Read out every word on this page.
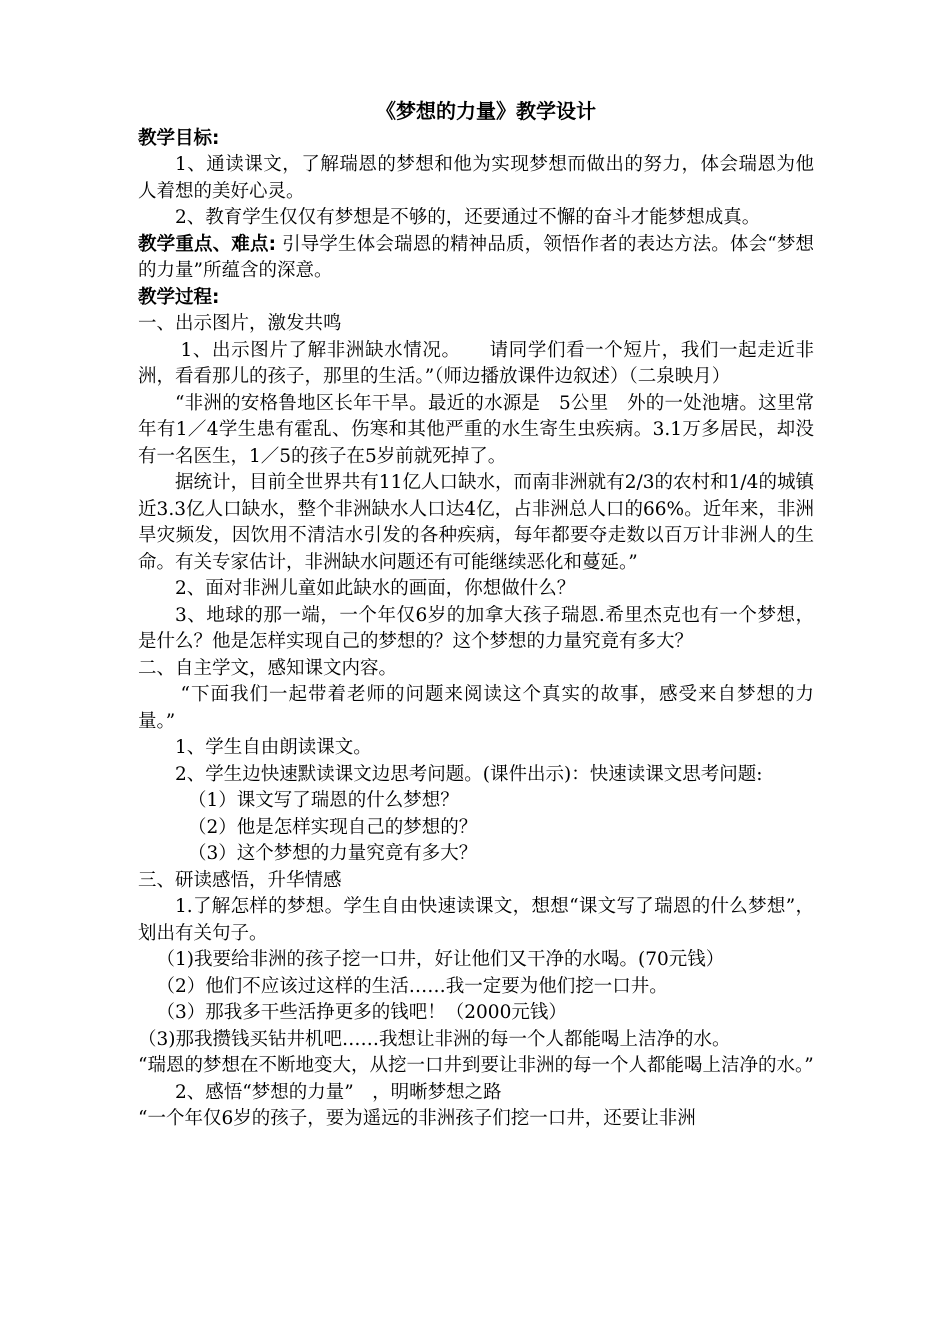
《梦想的力量》教学设计

教学目标:

1、通读课文，了解瑞恩的梦想和他为实现梦想而做出的努力，体会瑞恩为他人着想的美好心灵。

2、教育学生仅仅有梦想是不够的，还要通过不懈的奋斗才能梦想成真。

教学重点、难点: 引导学生体会瑞恩的精神品质，领悟作者的表达方法。体会“梦想的力量”所蕴含的深意。

教学过程:

一、出示图片，激发共鸣

1、出示图片了解非洲缺水情况。　　请同学们看一个短片，我们一起走近非洲，看看那儿的孩子，那里的生活。”（师边播放课件边叙述）（二泉映月）

“非洲的安格鲁地区长年干旱。最近的水源是　5公里　外的一处池塘。这里常年有1／4学生患有霍乱、伤寒和其他严重的水生寄生虫疾病。3.1万多居民，却没有一名医生，1／5的孩子在5岁前就死掉了。

据统计，目前全世界共有11亿人口缺水，而南非洲就有2/3的农村和1/4的城镇近3.3亿人口缺水，整个非洲缺水人口达4亿，占非洲总人口的66%。近年来，非洲旱灾频发，因饮用不清洁水引发的各种疾病，每年都要夺走数以百万计非洲人的生命。有关专家估计，非洲缺水问题还有可能继续恶化和蔓延。”

2、面对非洲儿童如此缺水的画面，你想做什么？

3、地球的那一端，一个年仅6岁的加拿大孩子瑞恩.希里杰克也有一个梦想，是什么？他是怎样实现自己的梦想的？这个梦想的力量究竟有多大？

二、自主学文，感知课文内容。

“下面我们一起带着老师的问题来阅读这个真实的故事，感受来自梦想的力量。”

1、学生自由朗读课文。

2、学生边快速默读课文边思考问题。(课件出示)：快速读课文思考问题:

（1）课文写了瑞恩的什么梦想？

（2）他是怎样实现自己的梦想的？

（3）这个梦想的力量究竟有多大？

三、研读感悟，升华情感

1.了解怎样的梦想。学生自由快速读课文，想想“课文写了瑞恩的什么梦想”，划出有关句子。

（1)我要给非洲的孩子挖一口井，好让他们又干净的水喝。(70元钱）

（2）他们不应该过这样的生活……我一定要为他们挖一口井。

（3）那我多干些活挣更多的钱吧！（2000元钱）

（3)那我攒钱买钻井机吧……我想让非洲的每一个人都能喝上洁净的水。

“瑞恩的梦想在不断地变大，从挖一口井到要让非洲的每一个人都能喝上洁净的水。”

2、感悟“梦想的力量”　，明晰梦想之路

“一个年仅6岁的孩子，要为遥远的非洲孩子们挖一口井，还要让非洲
